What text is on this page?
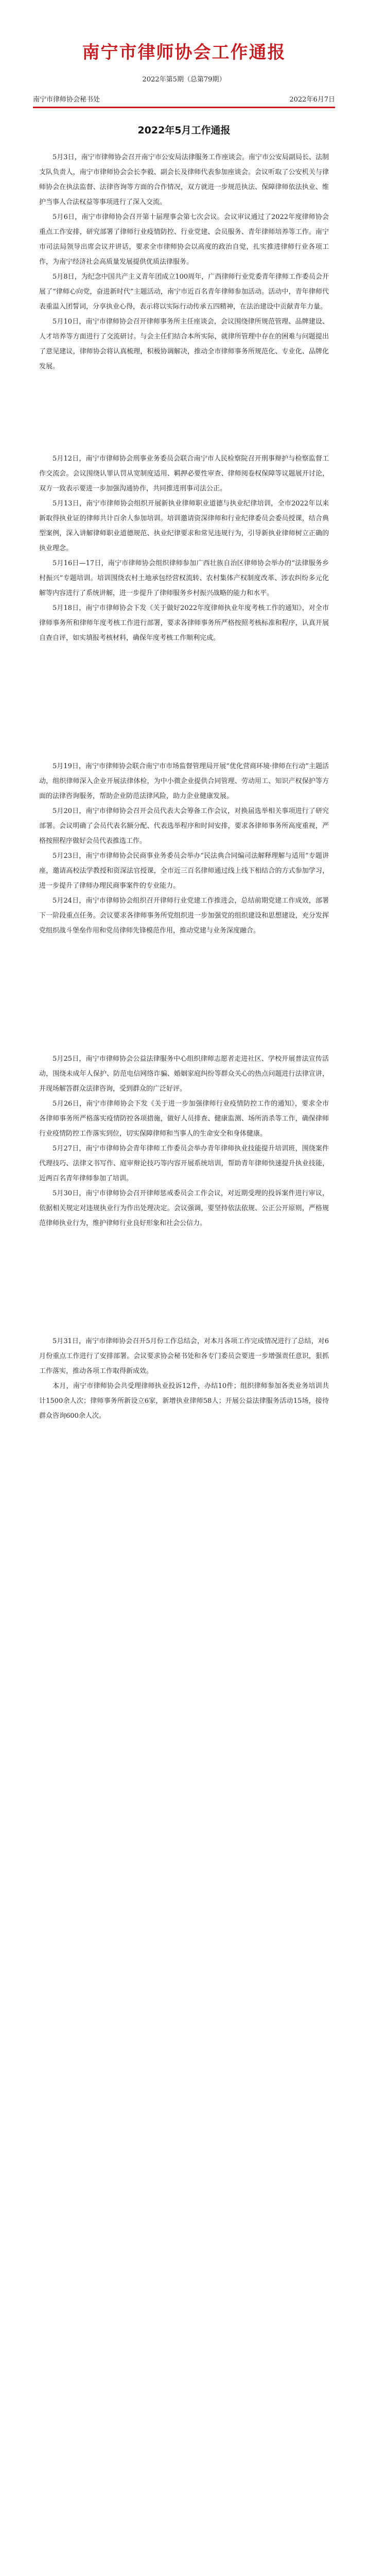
南宁市律师协会工作通报
2022年第5期（总第79期）
南宁市律师协会秘书处	2022年6月7日
2022年5月工作通报

5月3日，南宁市律师协会召开南宁市公安局法律服务工作座谈会。南宁市公安局副局长、法制支队负责人，南宁市律师协会会长李毅、副会长及律师代表参加座谈会。会议听取了公安机关与律师协会在执法监督、法律咨询等方面的合作情况，双方就进一步规范执法、保障律师依法执业、维护当事人合法权益等事项进行了深入交流。

5月6日，南宁市律师协会召开第十届理事会第七次会议。会议审议通过了2022年度律师协会重点工作安排，研究部署了律师行业疫情防控、行业党建、会员服务、青年律师培养等工作。南宁市司法局领导出席会议并讲话，要求全市律师协会以高度的政治自觉，扎实推进律师行业各项工作，为南宁经济社会高质量发展提供优质法律服务。

5月8日，为纪念中国共产主义青年团成立100周年，广西律师行业党委青年律师工作委员会开展了“律师心向党，奋进新时代”主题活动，南宁市近百名青年律师参加活动。活动中，青年律师代表重温入团誓词，分享执业心得，表示将以实际行动传承五四精神，在法治建设中贡献青年力量。

5月10日，南宁市律师协会召开律师事务所主任座谈会，会议围绕律所规范管理、品牌建设、人才培养等方面进行了交流研讨。与会主任们结合本所实际，就律所管理中存在的困难与问题提出了意见建议，律师协会将认真梳理，积极协调解决，推动全市律师事务所规范化、专业化、品牌化发展。

5月12日，南宁市律师协会刑事业务委员会联合南宁市人民检察院召开刑事辩护与检察监督工作交流会。会议围绕认罪认罚从宽制度适用、羁押必要性审查、律师阅卷权保障等议题展开讨论，双方一致表示要进一步加强沟通协作，共同推进刑事司法公正。

5月13日，南宁市律师协会组织开展新执业律师职业道德与执业纪律培训，全市2022年以来新取得执业证的律师共计百余人参加培训。培训邀请资深律师和行业纪律委员会委员授课，结合典型案例，深入讲解律师职业道德规范、执业纪律要求和常见违规行为，引导新执业律师树立正确的执业理念。

5月16日—17日，南宁市律师协会组织律师参加广西壮族自治区律师协会举办的“法律服务乡村振兴”专题培训。培训围绕农村土地承包经营权流转、农村集体产权制度改革、涉农纠纷多元化解等内容进行了系统讲解，进一步提升了律师服务乡村振兴战略的能力和水平。

5月18日，南宁市律师协会下发《关于做好2022年度律师执业年度考核工作的通知》，对全市律师事务所和律师年度考核工作进行部署，要求各律师事务所严格按照考核标准和程序，认真开展自查自评，如实填报考核材料，确保年度考核工作顺利完成。

5月19日，南宁市律师协会联合南宁市市场监督管理局开展“优化营商环境·律师在行动”主题活动，组织律师深入企业开展法律体检，为中小微企业提供合同管理、劳动用工、知识产权保护等方面的法律咨询服务，帮助企业防范法律风险，助力企业健康发展。

5月20日，南宁市律师协会召开会员代表大会筹备工作会议，对换届选举相关事项进行了研究部署。会议明确了会员代表名额分配、代表选举程序和时间安排，要求各律师事务所高度重视，严格按照程序做好会员代表推选工作。

5月23日，南宁市律师协会民商事业务委员会举办“民法典合同编司法解释理解与适用”专题讲座，邀请高校法学教授和资深法官授课，全市近三百名律师通过线上线下相结合的方式参加学习，进一步提升了律师办理民商事案件的专业能力。

5月24日，南宁市律师协会组织召开律师行业党建工作推进会，总结前期党建工作成效，部署下一阶段重点任务。会议要求各律师事务所党组织进一步加强党的组织建设和思想建设，充分发挥党组织战斗堡垒作用和党员律师先锋模范作用，推动党建与业务深度融合。

5月25日，南宁市律师协会公益法律服务中心组织律师志愿者走进社区、学校开展普法宣传活动，围绕未成年人保护、防范电信网络诈骗、婚姻家庭纠纷等群众关心的热点问题进行法律宣讲，并现场解答群众法律咨询，受到群众的广泛好评。

5月26日，南宁市律师协会下发《关于进一步加强律师行业疫情防控工作的通知》，要求全市各律师事务所严格落实疫情防控各项措施，做好人员排查、健康监测、场所消杀等工作，确保律师行业疫情防控工作落实到位，切实保障律师和当事人的生命安全和身体健康。

5月27日，南宁市律师协会青年律师工作委员会举办青年律师执业技能提升培训班，围绕案件代理技巧、法律文书写作、庭审辩论技巧等内容开展系统培训，帮助青年律师快速提升执业技能，近两百名青年律师参加了培训。

5月30日，南宁市律师协会召开律师惩戒委员会工作会议，对近期受理的投诉案件进行审议，依据相关规定对违规执业行为作出处理决定。会议强调，要坚持依法依规、公正公开原则，严格规范律师执业行为，维护律师行业良好形象和社会公信力。

5月31日，南宁市律师协会召开5月份工作总结会，对本月各项工作完成情况进行了总结，对6月份重点工作进行了安排部署。会议要求协会秘书处和各专门委员会要进一步增强责任意识，狠抓工作落实，推动各项工作取得新成效。

本月，南宁市律师协会共受理律师执业投诉12件，办结10件；组织律师参加各类业务培训共计1500余人次；律师事务所新设立6家，新增执业律师58人；开展公益法律服务活动15场，接待群众咨询600余人次。
